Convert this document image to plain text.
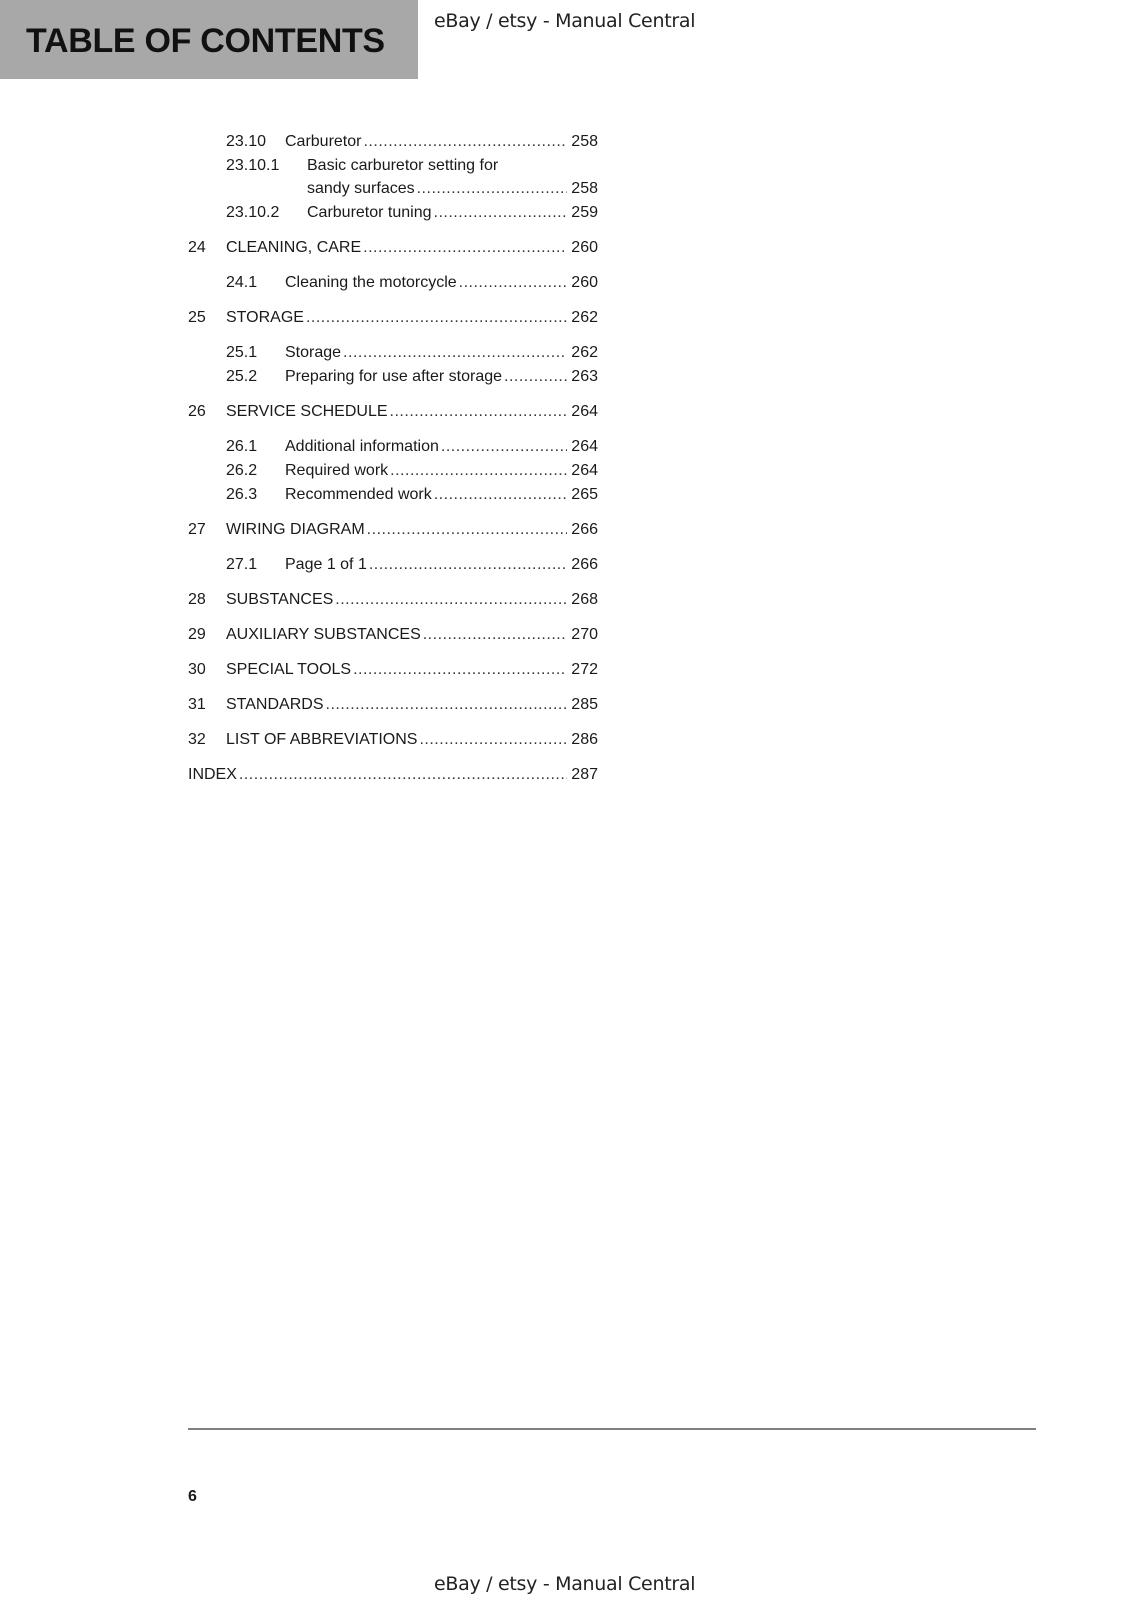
TABLE OF CONTENTS
eBay / etsy - Manual Central
23.10 Carburetor .....	258
23.10.1 Basic carburetor setting for
sandy surfaces .....	258
23.10.2 Carburetor tuning .....	259
24 CLEANING, CARE .....	260
24.1 Cleaning the motorcycle .....	260
25 STORAGE .....	262
25.1 Storage .....	262
25.2 Preparing for use after storage .....	263
26 SERVICE SCHEDULE .....	264
26.1 Additional information .....	264
26.2 Required work .....	264
26.3 Recommended work .....	265
27 WIRING DIAGRAM .....	266
27.1 Page 1 of 1 .....	266
28 SUBSTANCES .....	268
29 AUXILIARY SUBSTANCES .....	270
30 SPECIAL TOOLS .....	272
31 STANDARDS .....	285
32 LIST OF ABBREVIATIONS .....	286
INDEX .....	287
6
eBay / etsy - Manual Central
